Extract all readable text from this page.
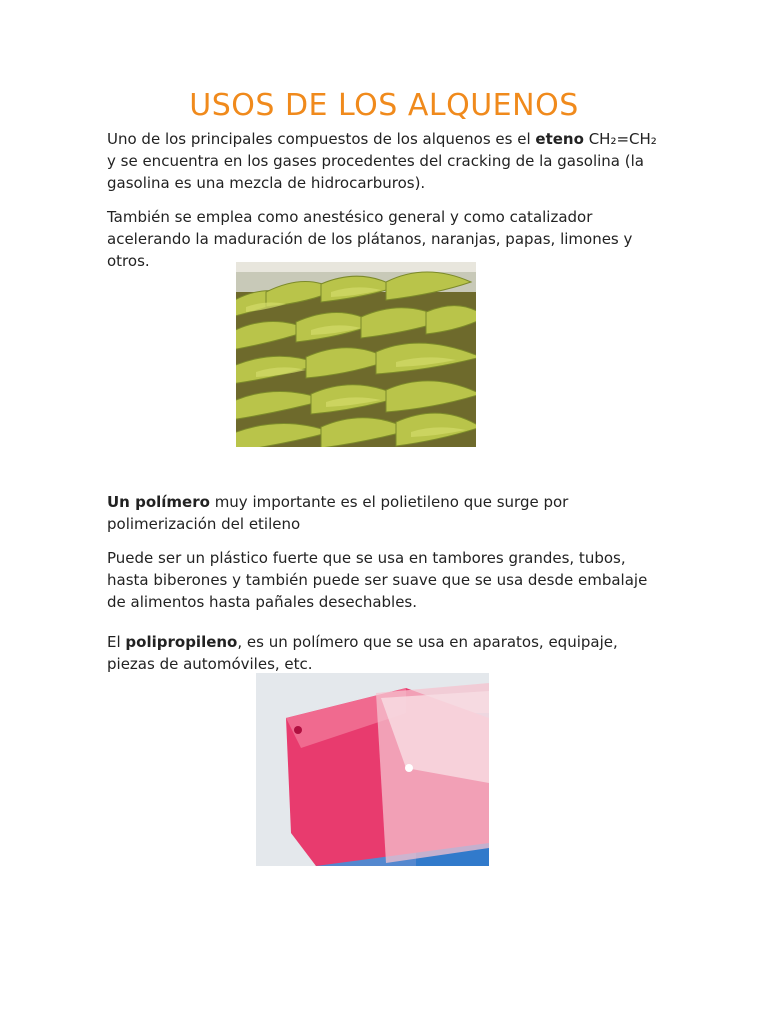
USOS DE LOS ALQUENOS

Uno de los principales compuestos de los alquenos es el eteno CH₂=CH₂ y se encuentra en los gases procedentes del cracking de la gasolina (la gasolina es una mezcla de hidrocarburos).

También se emplea como anestésico general y como catalizador acelerando la maduración de los plátanos, naranjas, papas, limones y otros.

Un polímero muy importante es el polietileno que surge por polimerización del etileno

Puede ser un plástico fuerte que se usa en tambores grandes, tubos, hasta biberones y también puede ser suave que se usa desde embalaje de alimentos hasta pañales desechables.

El polipropileno, es un polímero que se usa en aparatos, equipaje, piezas de automóviles, etc.
